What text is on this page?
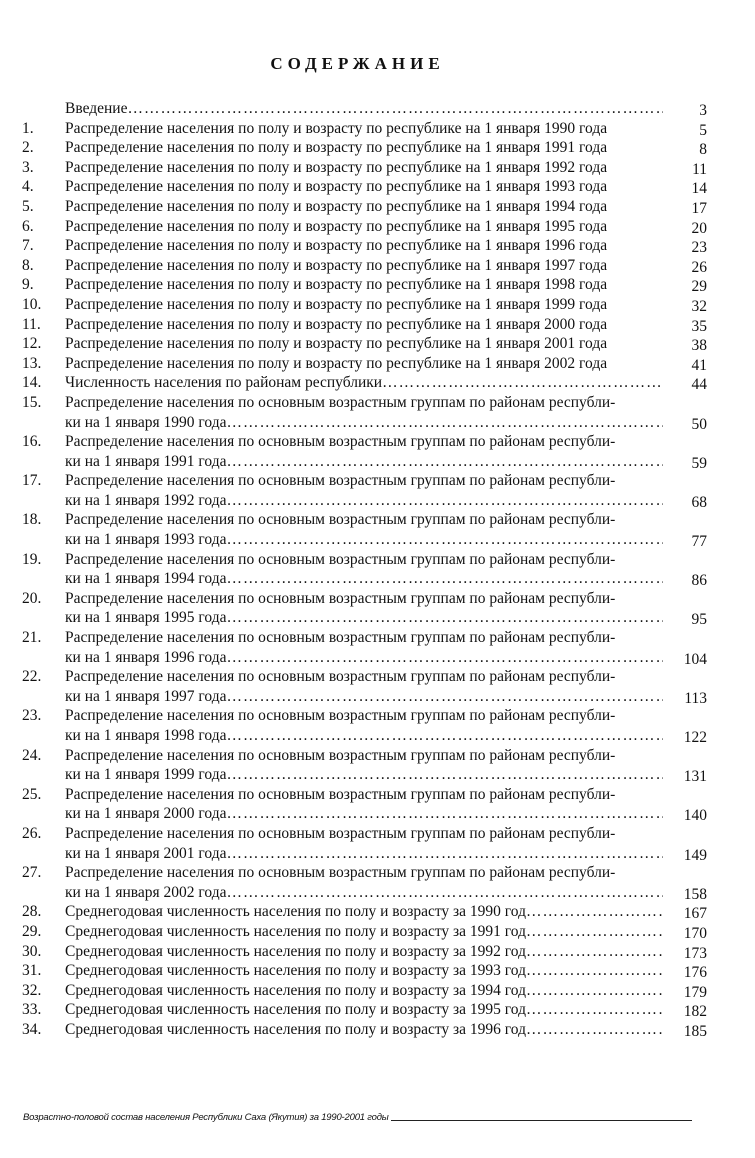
СОДЕРЖАНИЕ
Введение ……………………………………………………………………………………………………………………………………………………………………………………	3
1. Распределение населения по полу и возрасту по республике на 1 января 1990 года	5
2. Распределение населения по полу и возрасту по республике на 1 января 1991 года	8
3. Распределение населения по полу и возрасту по республике на 1 января 1992 года	11
4. Распределение населения по полу и возрасту по республике на 1 января 1993 года	14
5. Распределение населения по полу и возрасту по республике на 1 января 1994 года	17
6. Распределение населения по полу и возрасту по республике на 1 января 1995 года	20
7. Распределение населения по полу и возрасту по республике на 1 января 1996 года	23
8. Распределение населения по полу и возрасту по республике на 1 января 1997 года	26
9. Распределение населения по полу и возрасту по республике на 1 января 1998 года	29
10. Распределение населения по полу и возрасту по республике на 1 января 1999 года	32
11. Распределение населения по полу и возрасту по республике на 1 января 2000 года	35
12. Распределение населения по полу и возрасту по республике на 1 января 2001 года	38
13. Распределение населения по полу и возрасту по республике на 1 января 2002 года	41
14. Численность населения по районам республики ……………………………………………………………………………………………………………………………………………………………………………………	44
15. Распределение населения по основным возрастным группам по районам республи-
ки на 1 января 1990 года ……………………………………………………………………………………………………………………………………………………………………………………	50
16. Распределение населения по основным возрастным группам по районам республи-
ки на 1 января 1991 года ……………………………………………………………………………………………………………………………………………………………………………………	59
17. Распределение населения по основным возрастным группам по районам республи-
ки на 1 января 1992 года ……………………………………………………………………………………………………………………………………………………………………………………	68
18. Распределение населения по основным возрастным группам по районам республи-
ки на 1 января 1993 года ……………………………………………………………………………………………………………………………………………………………………………………	77
19. Распределение населения по основным возрастным группам по районам республи-
ки на 1 января 1994 года ……………………………………………………………………………………………………………………………………………………………………………………	86
20. Распределение населения по основным возрастным группам по районам республи-
ки на 1 января 1995 года ……………………………………………………………………………………………………………………………………………………………………………………	95
21. Распределение населения по основным возрастным группам по районам республи-
ки на 1 января 1996 года ……………………………………………………………………………………………………………………………………………………………………………………	104
22. Распределение населения по основным возрастным группам по районам республи-
ки на 1 января 1997 года ……………………………………………………………………………………………………………………………………………………………………………………	113
23. Распределение населения по основным возрастным группам по районам республи-
ки на 1 января 1998 года ……………………………………………………………………………………………………………………………………………………………………………………	122
24. Распределение населения по основным возрастным группам по районам республи-
ки на 1 января 1999 года ……………………………………………………………………………………………………………………………………………………………………………………	131
25. Распределение населения по основным возрастным группам по районам республи-
ки на 1 января 2000 года ……………………………………………………………………………………………………………………………………………………………………………………	140
26. Распределение населения по основным возрастным группам по районам республи-
ки на 1 января 2001 года ……………………………………………………………………………………………………………………………………………………………………………………	149
27. Распределение населения по основным возрастным группам по районам республи-
ки на 1 января 2002 года ……………………………………………………………………………………………………………………………………………………………………………………	158
28. Среднегодовая численность населения по полу и возрасту за 1990 год ……………………………………………………………………………………………………………………………………………………………………………………	167
29. Среднегодовая численность населения по полу и возрасту за 1991 год ……………………………………………………………………………………………………………………………………………………………………………………	170
30. Среднегодовая численность населения по полу и возрасту за 1992 год ……………………………………………………………………………………………………………………………………………………………………………………	173
31. Среднегодовая численность населения по полу и возрасту за 1993 год ……………………………………………………………………………………………………………………………………………………………………………………	176
32. Среднегодовая численность населения по полу и возрасту за 1994 год ……………………………………………………………………………………………………………………………………………………………………………………	179
33. Среднегодовая численность населения по полу и возрасту за 1995 год ……………………………………………………………………………………………………………………………………………………………………………………	182
34. Среднегодовая численность населения по полу и возрасту за 1996 год ……………………………………………………………………………………………………………………………………………………………………………………	185
Возрастно-половой состав населения Республики Саха (Якутия) за 1990-2001 годы
